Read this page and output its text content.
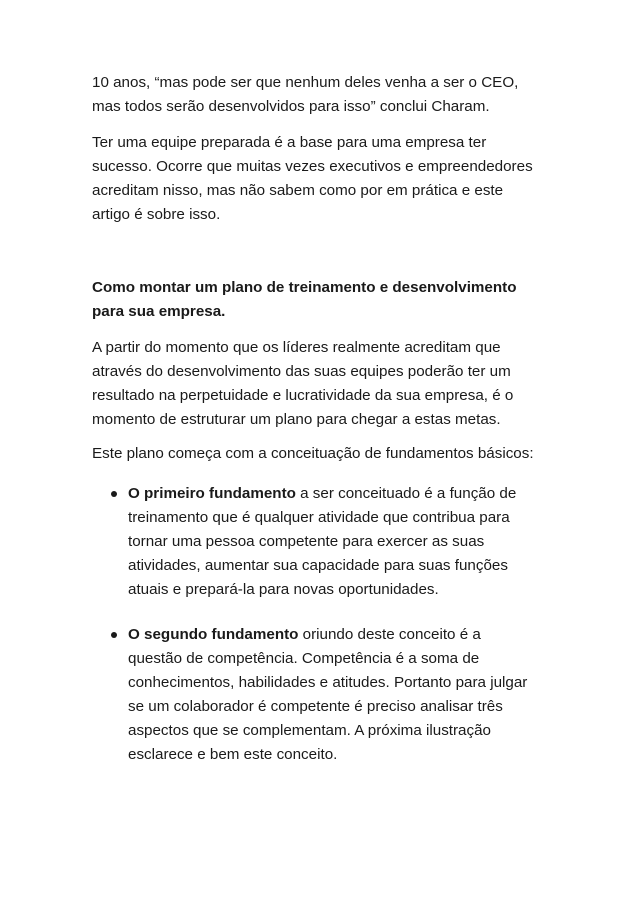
10 anos, “mas pode ser que nenhum deles venha a ser o CEO,
mas todos serão desenvolvidos para isso” conclui Charam.

Ter uma equipe preparada é a base para uma empresa ter
sucesso. Ocorre que muitas vezes executivos e empreendedores
acreditam nisso, mas não sabem como por em prática e este
artigo é sobre isso.

Como montar um plano de treinamento e desenvolvimento
para sua empresa.

A partir do momento que os líderes realmente acreditam que
através do desenvolvimento das suas equipes poderão ter um
resultado na perpetuidade e lucratividade da sua empresa, é o
momento de estruturar um plano para chegar a estas metas.

Este plano começa com a conceituação de fundamentos básicos:

O primeiro fundamento a ser conceituado é a função de
treinamento que é qualquer atividade que contribua para
tornar uma pessoa competente para exercer as suas
atividades, aumentar sua capacidade para suas funções
atuais e prepará-la para novas oportunidades.
O segundo fundamento oriundo deste conceito é a
questão de competência. Competência é a soma de
conhecimentos, habilidades e atitudes. Portanto para julgar
se um colaborador é competente é preciso analisar três
aspectos que se complementam. A próxima ilustração
esclarece e bem este conceito.
